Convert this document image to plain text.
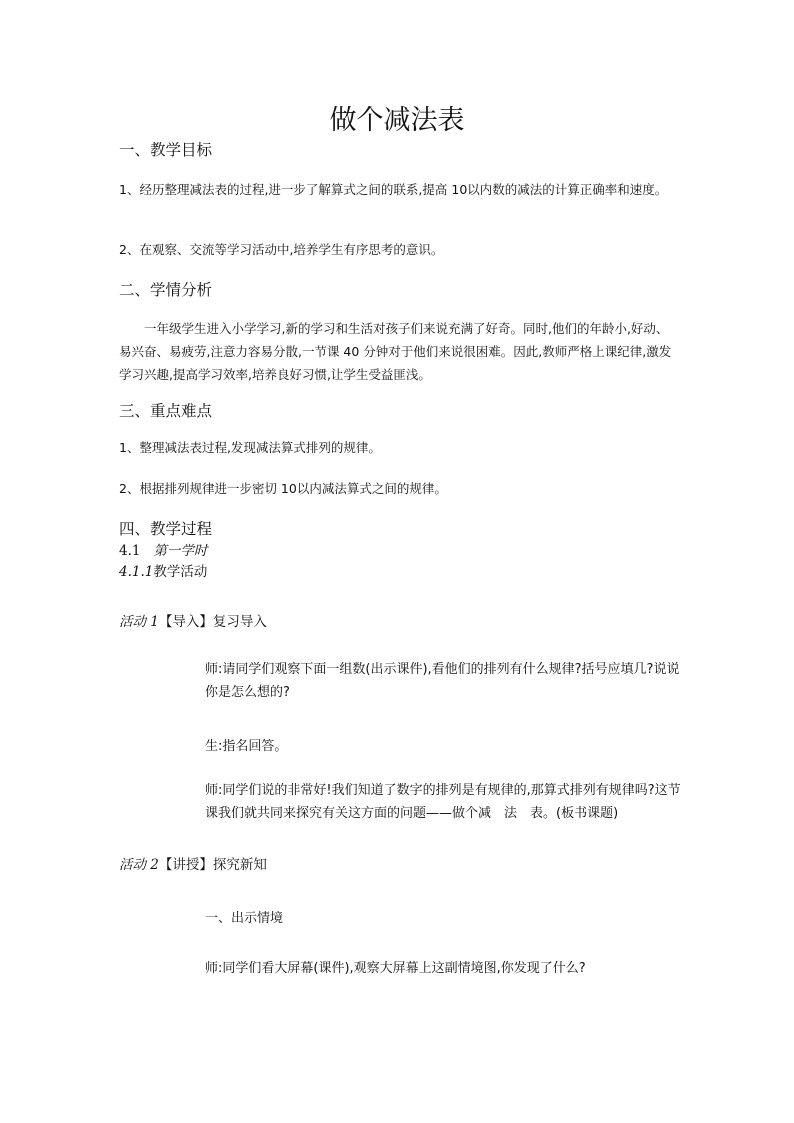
做个减法表
一、教学目标
1、经历整理减法表的过程,进一步了解算式之间的联系,提高 10以内数的减法的计算正确率和速度。
2、在观察、交流等学习活动中,培养学生有序思考的意识。
二、学情分析
　　一年级学生进入小学学习,新的学习和生活对孩子们来说充满了好奇。同时,他们的年龄小,好动、易兴奋、易疲劳,注意力容易分散,一节课 40 分钟对于他们来说很困难。因此,教师严格上课纪律,激发学习兴趣,提高学习效率,培养良好习惯,让学生受益匪浅。
三、重点难点
1、整理减法表过程,发现减法算式排列的规律。
2、根据排列规律进一步密切 10以内减法算式之间的规律。
四、教学过程
4.1 第一学时
4.1.1教学活动
活动 1【导入】复习导入
师:请同学们观察下面一组数(出示课件),看他们的排列有什么规律?括号应填几?说说你是怎么想的?
生:指名回答。
师:同学们说的非常好!我们知道了数字的排列是有规律的,那算式排列有规律吗?这节课我们就共同来探究有关这方面的问题——做个减　法　表。(板书课题)
活动 2【讲授】探究新知
一、出示情境
师:同学们看大屏幕(课件),观察大屏幕上这副情境图,你发现了什么?
